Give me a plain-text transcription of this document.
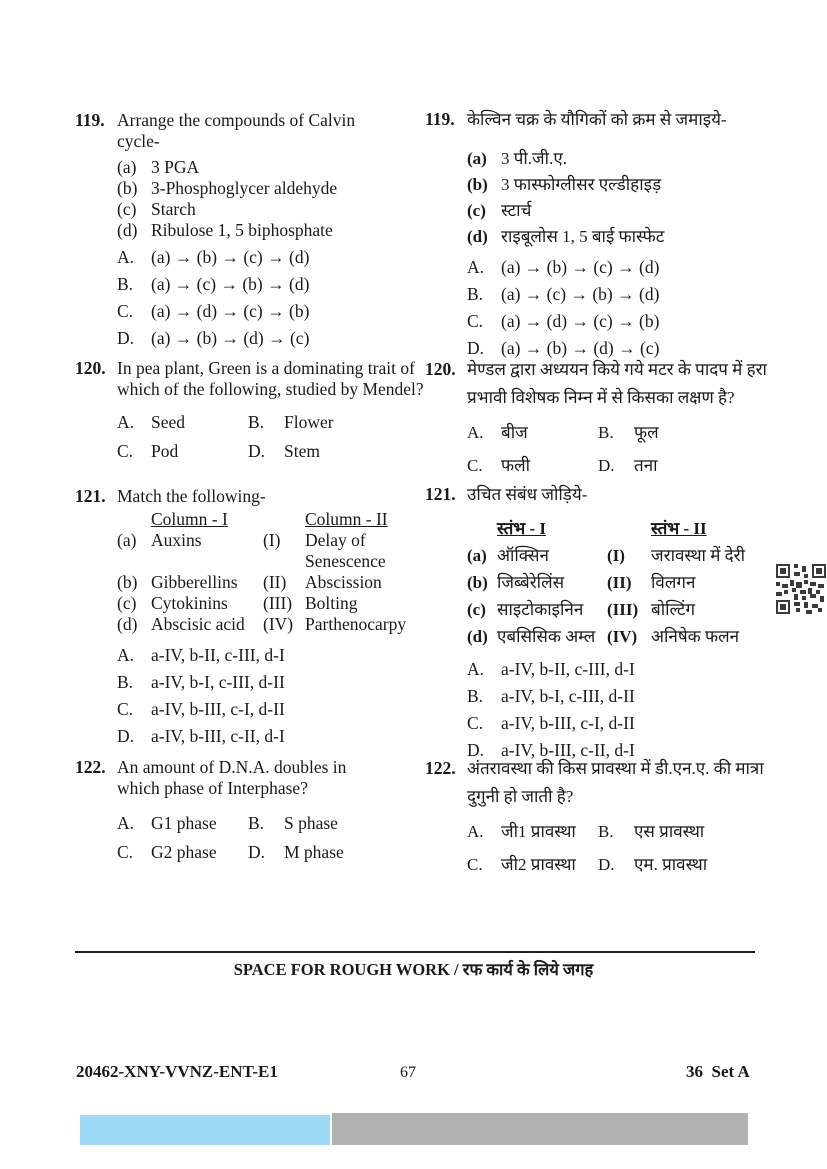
119. Arrange the compounds of Calvin cycle-
(a) 3 PGA
(b) 3-Phosphoglycer aldehyde
(c) Starch
(d) Ribulose 1, 5 biphosphate
A. (a) → (b) → (c) → (d)
B.	(a) → (c) → (b) → (d)
C.	(a) → (d) → (c) → (b)
D. (a) → (b) → (d) → (c)
119. केल्विन चक्र के यौगिकों को क्रम से जमाइये-
(a) 3 पी.जी.ए.
(b) 3 फास्फोग्लीसर एल्डीहाइड़
(c) स्टार्च
(d) राइबूलोस 1, 5 बाई फास्फेट
A. (a) → (b) → (c) → (d)
B.	(a) → (c) → (b) → (d)
C.	(a) → (d) → (c) → (b)
D. (a) → (b) → (d) → (c)
120. In pea plant, Green is a dominating trait of which of the following, studied by Mendel?
A. Seed	B.	Flower
C.	Pod	D.	Stem
120. मेण्डल द्वारा अध्ययन किये गये मटर के पादप में हरा प्रभावी विशेषक निम्न में से किसका लक्षण है?
A.	बीज	B.	फूल
C.	फली	D.	तना
121. Match the following-
Column - I	Column - II
(a) Auxins	(I)	Delay of Senescence
(b) Gibberellins	(II)	Abscission
(c) Cytokinins	(III) Bolting
(d) Abscisic acid	(IV) Parthenocarpy
A. a-IV, b-II, c-III, d-I
B.	a-IV, b-I, c-III, d-II
C.	a-IV, b-III, c-I, d-II
D. a-IV, b-III, c-II, d-I
121. उचित संबंध जोड़िये-
स्तंभ - I	स्तंभ - II
(a) ऑक्सिन	(I)	जरावस्था में देरी
(b) जिब्बेरेलिंस	(II)	विलगन
(c) साइटोकाइनिन	(III) बोल्टिंग
(d) एबसिसिक अम्ल (IV) अनिषेक फलन
A. a-IV, b-II, c-III, d-I
B.	a-IV, b-I, c-III, d-II
C.	a-IV, b-III, c-I, d-II
D. a-IV, b-III, c-II, d-I
122. An amount of D.N.A. doubles in which phase of Interphase?
A. G1 phase	B.	S phase
C.	G2 phase	D.	M phase
122. अंतरावस्था की किस प्रावस्था में डी.एन.ए. की मात्रा दुगुनी हो जाती है?
A.	जी1 प्रावस्था	B.	एस प्रावस्था
C.	जी2 प्रावस्था	D.	एम. प्रावस्था
SPACE FOR ROUGH WORK / रफ कार्य के लिये जगह
20462-XNY-VVNZ-ENT-E1	67	36  Set A
